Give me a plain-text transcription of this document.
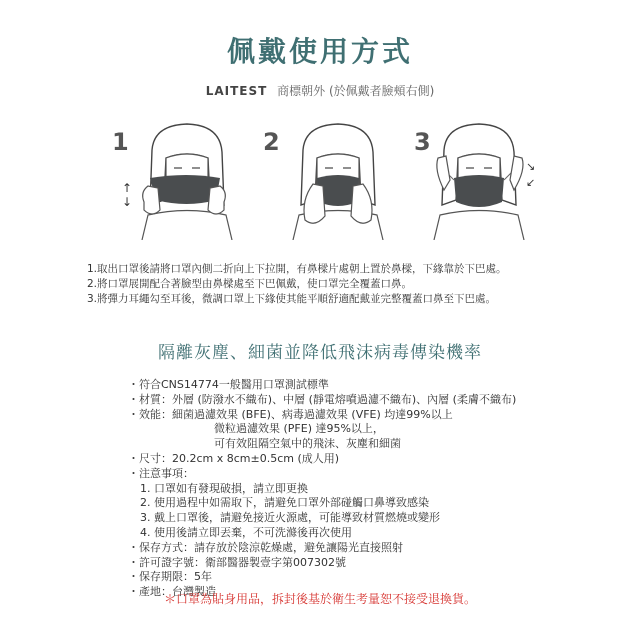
佩戴使用方式
LAITEST 商標朝外 (於佩戴者臉頰右側)
1
↑
↓
2	3
↘
↙
1.取出口罩後請將口罩內側二折向上下拉開，有鼻樑片處朝上置於鼻樑，下緣靠於下巴處。
2.將口罩展開配合著臉型由鼻樑處至下巴佩戴，使口罩完全覆蓋口鼻。
3.將彈力耳繩勾至耳後，微調口罩上下緣使其能平順舒適配戴並完整覆蓋口鼻至下巴處。
隔離灰塵、細菌並降低飛沫病毒傳染機率
・符合CNS14774一般醫用口罩測試標準
・材質：外層 (防潑水不織布)、中層 (靜電熔噴過濾不織布)、內層 (柔膚不織布)
・效能：細菌過濾效果 (BFE)、病毒過濾效果 (VFE) 均達99%以上
微粒過濾效果 (PFE) 達95%以上，
可有效阻隔空氣中的飛沫、灰塵和細菌
・尺寸：20.2cm x 8cm±0.5cm (成人用)
・注意事項：
1. 口罩如有發現破損，請立即更換
2. 使用過程中如需取下，請避免口罩外部碰觸口鼻導致感染
3. 戴上口罩後，請避免接近火源處，可能導致材質燃燒或變形
4. 使用後請立即丟棄，不可洗滌後再次使用
・保存方式：請存放於陰涼乾燥處，避免讓陽光直接照射
・許可證字號：衛部醫器製壹字第007302號
・保存期限：5年
・產地：台灣製造
＊口罩為貼身用品，拆封後基於衛生考量恕不接受退換貨。
